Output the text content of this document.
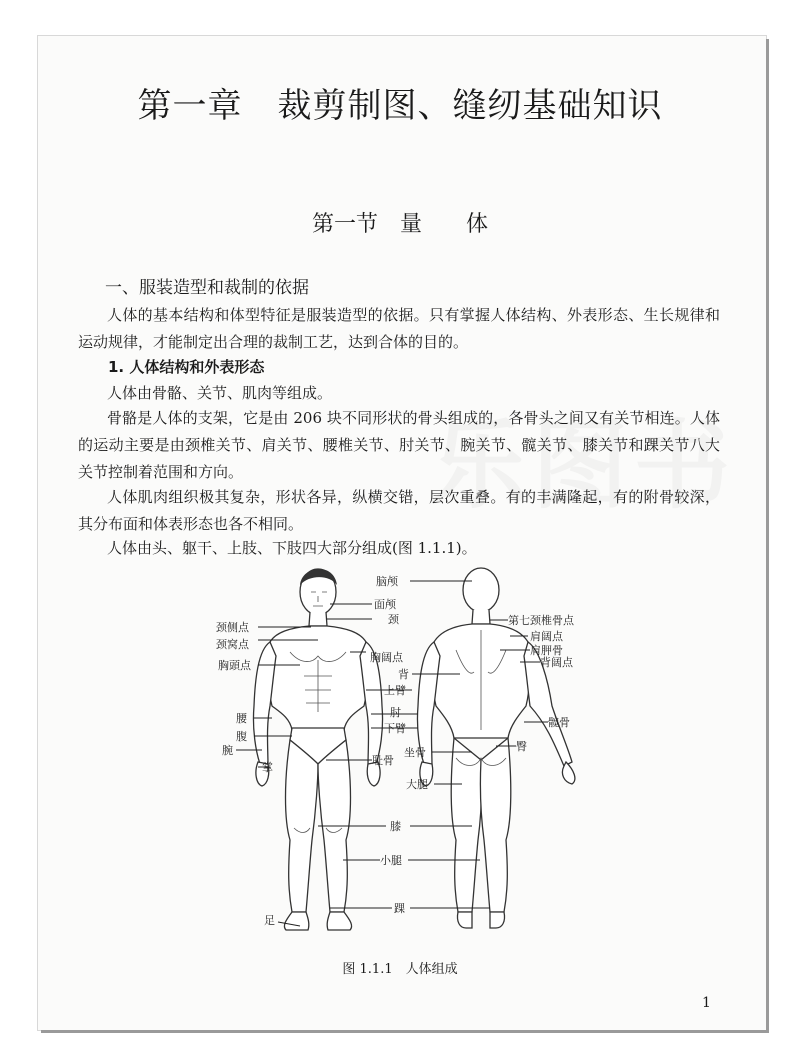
第一章　裁剪制图、缝纫基础知识
第一节　量　　体
一、服装造型和裁制的依据
人体的基本结构和体型特征是服装造型的依据。只有掌握人体结构、外表形态、生长规律和运动规律，才能制定出合理的裁制工艺，达到合体的目的。
1. 人体结构和外表形态
人体由骨骼、关节、肌肉等组成。
骨骼是人体的支架，它是由 206 块不同形状的骨头组成的，各骨头之间又有关节相连。人体的运动主要是由颈椎关节、肩关节、腰椎关节、肘关节、腕关节、髋关节、膝关节和踝关节八大关节控制着范围和方向。
人体肌肉组织极其复杂，形状各异，纵横交错，层次重叠。有的丰满隆起，有的附骨较深，其分布面和体表形态也各不相同。
人体由头、躯干、上肢、下肢四大部分组成(图 1.1.1)。
脑颅
面颅
颈
颈侧点
颈窝点
胸頭点
胸阔点
背
上臂
肘
下臂
腰
腹
腕
掌
坐骨
耻骨
大腿
膝
小腿
踝
足
第七颈椎骨点
肩阔点
肩胛骨
背阔点
髋骨
臀
图 1.1.1　人体组成
1
